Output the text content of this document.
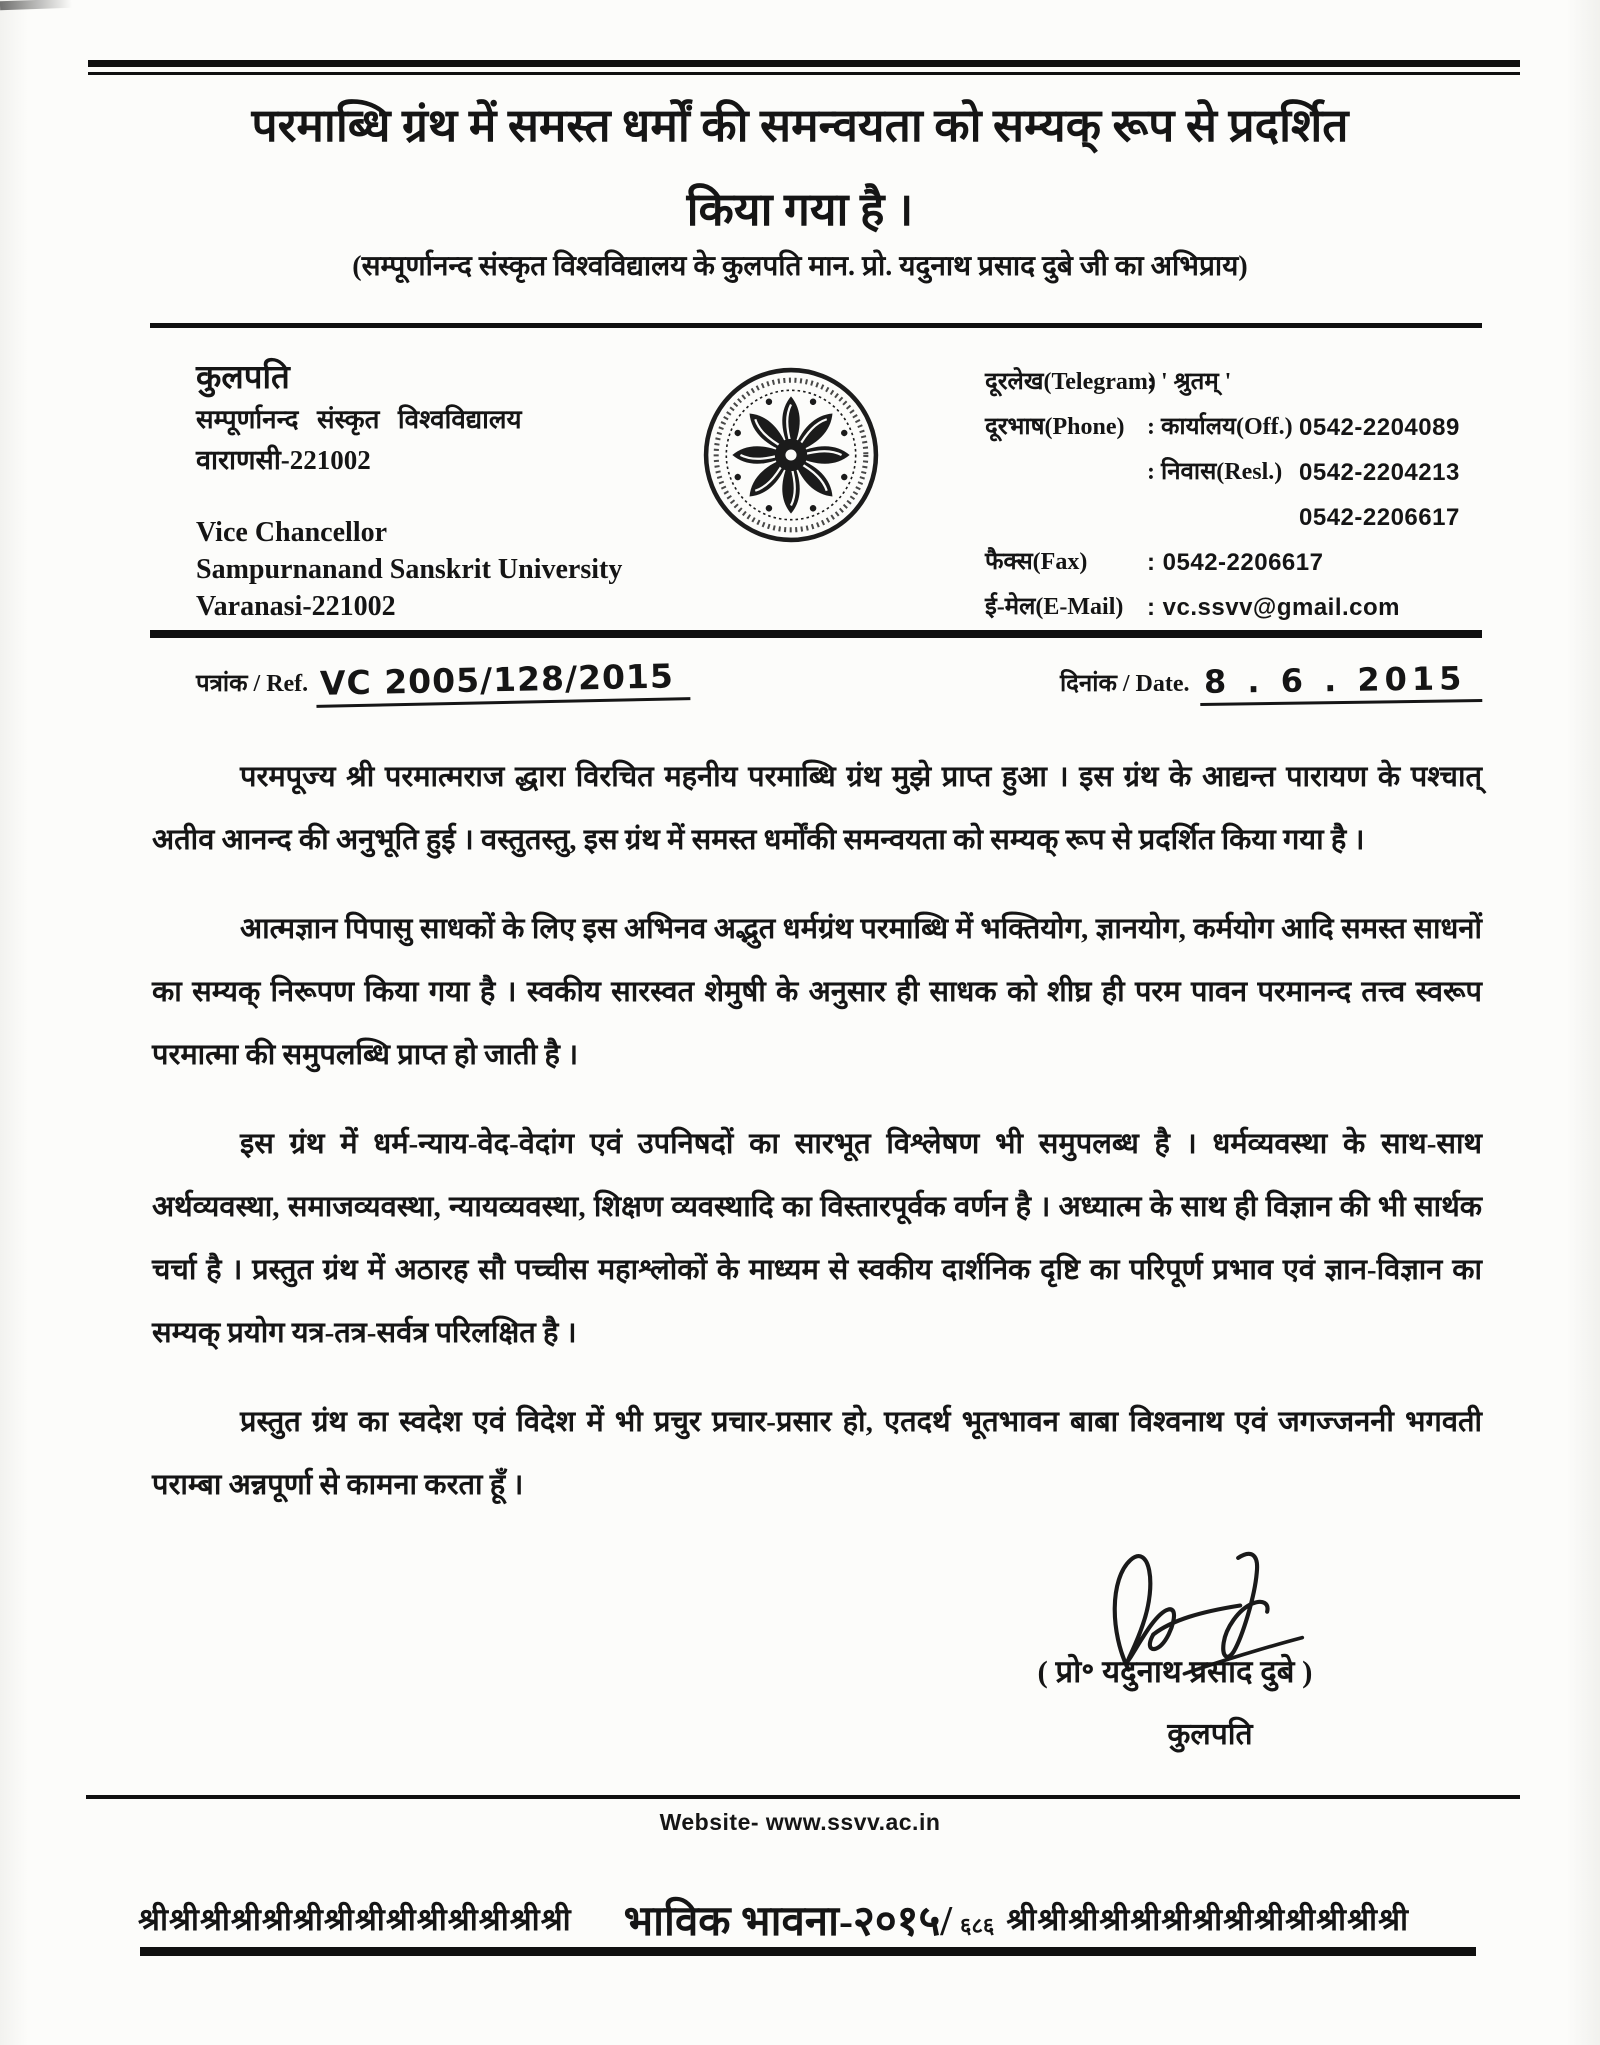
परमाब्धि ग्रंथ में समस्त धर्मों की समन्वयता को सम्यक् रूप से प्रदर्शित
किया गया है ।
(सम्पूर्णानन्द संस्कृत विश्वविद्यालय के कुलपति मान. प्रो. यदुनाथ प्रसाद दुबे जी का अभिप्राय)
कुलपति
सम्पूर्णानन्द संस्कृत विश्वविद्यालय
वाराणसी-221002
Vice Chancellor
Sampurnanand Sanskrit University
Varanasi-221002
दूरलेख(Telegram)
: ' श्रुतम् '
दूरभाष(Phone) : कार्यालय(Off.) 0542-2204089
: निवास(Resl.) 0542-2204213
0542-2206617
फैक्स(Fax)	: 0542-2206617
ई-मेल(E-Mail) : vc.ssvv@gmail.com
पत्रांक / Ref. VC 2005/128/2015	दिनांक / Date. 8 . 6 . 2015

परमपूज्य श्री परमात्मराज द्धारा विरचित महनीय परमाब्धि ग्रंथ मुझे प्राप्त हुआ । इस ग्रंथ के आद्यन्त पारायण के पश्चात् अतीव आनन्द की अनुभूति हुई । वस्तुतस्तु, इस ग्रंथ में समस्त धर्मोंकी समन्वयता को सम्यक् रूप से प्रदर्शित किया गया है ।

आत्मज्ञान पिपासु साधकों के लिए इस अभिनव अद्भुत धर्मग्रंथ परमाब्धि में भक्तियोग, ज्ञानयोग, कर्मयोग आदि समस्त साधनों का सम्यक् निरूपण किया गया है । स्वकीय सारस्वत शेमुषी के अनुसार ही साधक को शीघ्र ही परम पावन परमानन्द तत्त्व स्वरूप परमात्मा की समुपलब्धि प्राप्त हो जाती है ।

इस ग्रंथ में धर्म-न्याय-वेद-वेदांग एवं उपनिषदों का सारभूत विश्लेषण भी समुपलब्ध है । धर्मव्यवस्था के साथ-साथ अर्थव्यवस्था, समाजव्यवस्था, न्यायव्यवस्था, शिक्षण व्यवस्थादि का विस्तारपूर्वक वर्णन है । अध्यात्म के साथ ही विज्ञान की भी सार्थक चर्चा है । प्रस्तुत ग्रंथ में अठारह सौ पच्चीस महाश्लोकों के माध्यम से स्वकीय दार्शनिक दृष्टि का परिपूर्ण प्रभाव एवं ज्ञान-विज्ञान का सम्यक् प्रयोग यत्र-तत्र-सर्वत्र परिलक्षित है ।

प्रस्तुत ग्रंथ का स्वदेश एवं विदेश में भी प्रचुर प्रचार-प्रसार हो, एतदर्थ भूतभावन बाबा विश्वनाथ एवं जगज्जननी भगवती पराम्बा अन्नपूर्णा से कामना करता हूँ ।

( प्रो॰ यदुनाथ प्रसाद दुबे )
कुलपति
Website- www.ssvv.ac.in
श्रीश्रीश्रीश्रीश्रीश्रीश्रीश्रीश्रीश्रीश्रीश्रीश्रीश्री	भाविक भावना-२०१५/ ६८६ श्रीश्रीश्रीश्रीश्रीश्रीश्रीश्रीश्रीश्रीश्रीश्रीश्री
